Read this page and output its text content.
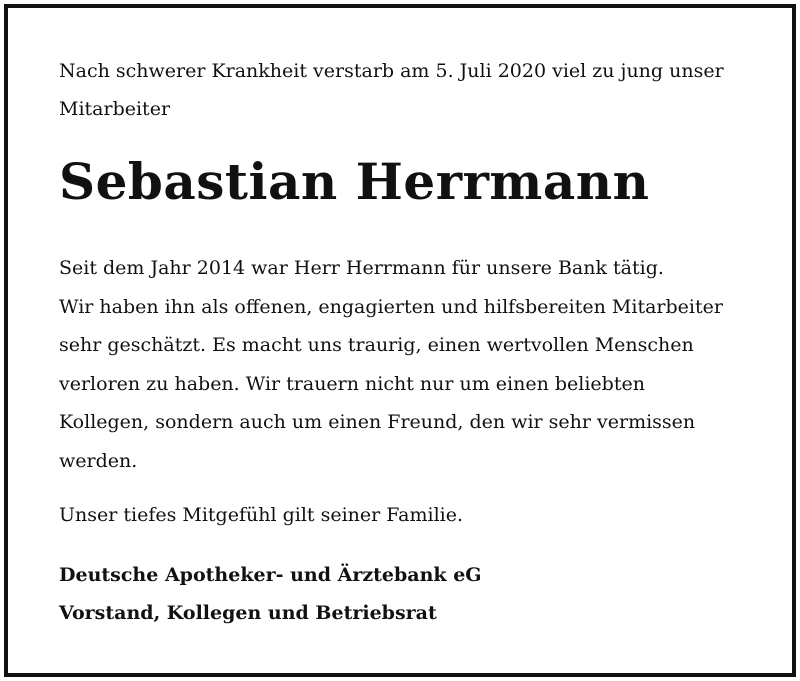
Nach schwerer Krankheit verstarb am 5. Juli 2020 viel zu jung unser
Mitarbeiter

Sebastian Herrmann

Seit dem Jahr 2014 war Herr Herrmann für unsere Bank tätig.
Wir haben ihn als offenen, engagierten und hilfsbereiten Mitarbeiter
sehr geschätzt. Es macht uns traurig, einen wertvollen Menschen
verloren zu haben. Wir trauern nicht nur um einen beliebten
Kollegen, sondern auch um einen Freund, den wir sehr vermissen
werden.

Unser tiefes Mitgefühl gilt seiner Familie.

Deutsche Apotheker- und Ärztebank eG
Vorstand, Kollegen und Betriebsrat
